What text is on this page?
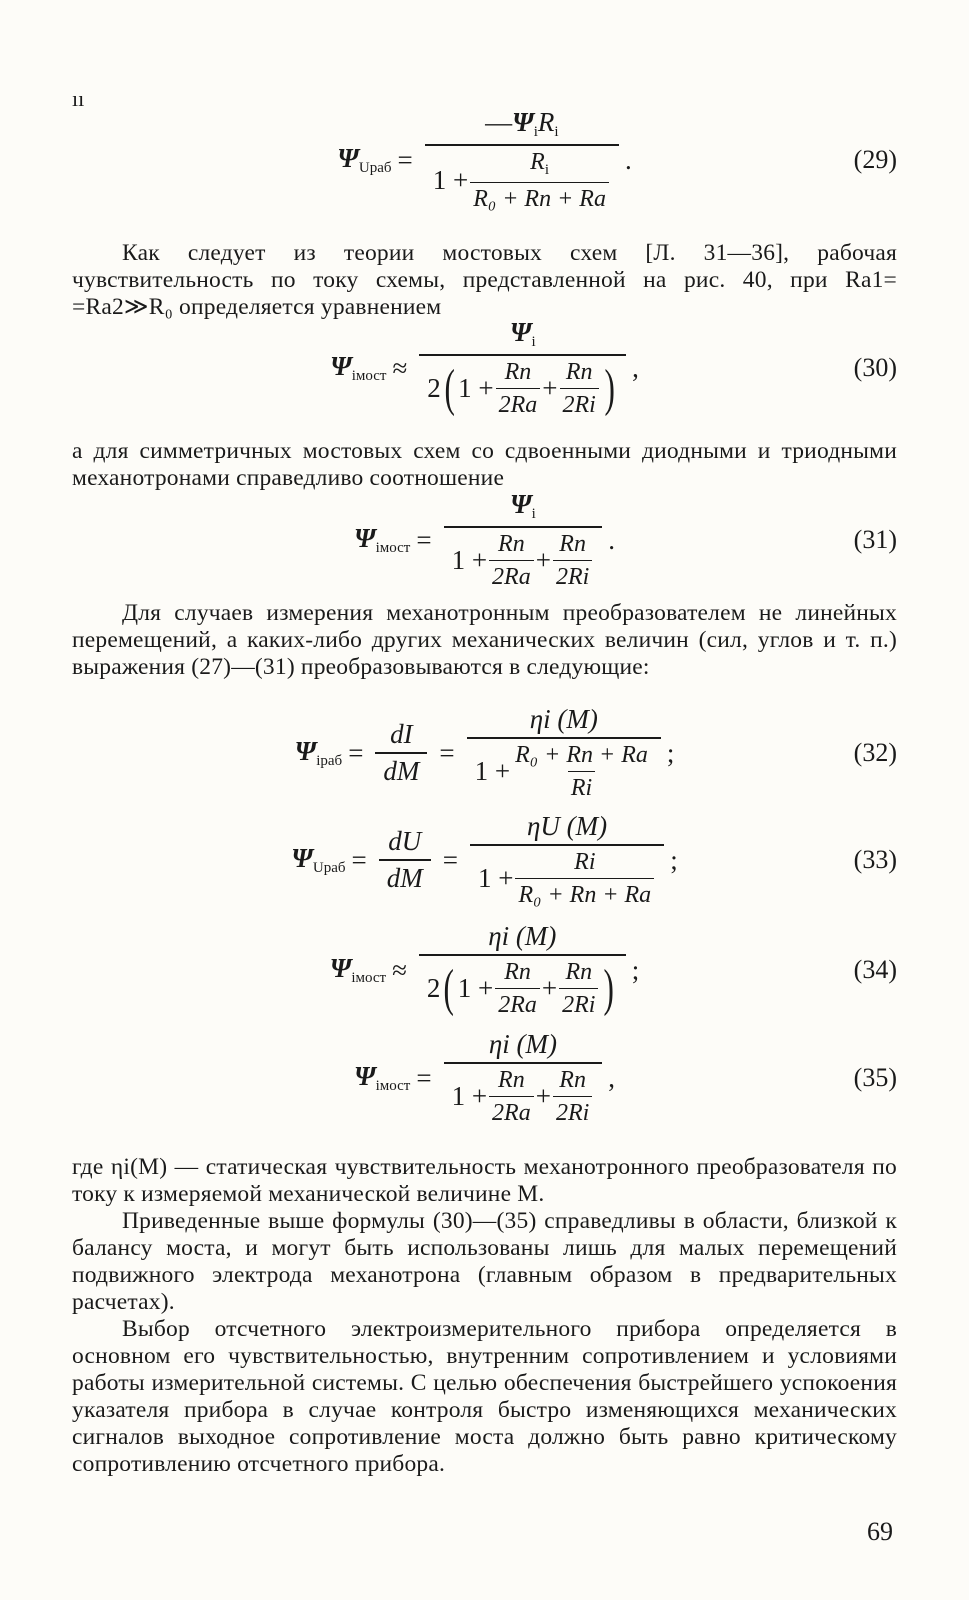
ıı
$\Psi_{Uраб} = \frac{—\Psi_iR_i}{1 + \frac{R_i}{\text{R₀ + Rп + Rа}}}$ .	(29)
Как следует из теории мостовых схем [Л. 31—36], рабочая чувствительность по току схемы, представленной на рис. 40, при Rа1= =Rа2≫R₀ определяется уравнением
$\Psi_{iмост} \approx \frac{\Psi_i}{2 ( 1 + \frac{Rп}{2Rа} + \frac{Rп}{2Ri} )}$ ,	(30)
а для симметричных мостовых схем со сдвоенными диодными и триодными механотронами справедливо соотношение
$\Psi_{iмост} = \frac{\Psi_i}{1 + \frac{Rп}{2Rа} + \frac{Rп}{2Ri}}$ .	(31)
Для случаев измерения механотронным преобразователем не линейных перемещений, а каких-либо других механических величин (сил, углов и т. п.) выражения (27)—(31) преобразовываются в следующие:
$\Psi_{iраб} = \frac{dI}{dM} = \frac{\eta i (M)}{1 + \frac{\text{R₀ + Rп + Rа}}{Ri}}$ ;	(32)
$\Psi_{Uраб} = \frac{dU}{dM} = \frac{\eta U (M)}{1 + \frac{Ri}{\text{R₀ + Rп + Rа}}}$ ;	(33)
$\Psi_{iмост} \approx \frac{\eta i (M)}{2 ( 1 + \frac{Rп}{2Rа} + \frac{Rп}{2Ri} )}$ ;	(34)
$\Psi_{iмост} = \frac{\eta i (M)}{1 + \frac{Rп}{2Rа} + \frac{Rп}{2Ri}}$ ,	(35)
где ηi(M) — статическая чувствительность механотронного преобразователя по току к измеряемой механической величине M.
Приведенные выше формулы (30)—(35) справедливы в области, близкой к балансу моста, и могут быть использованы лишь для малых перемещений подвижного электрода механотрона (главным образом в предварительных расчетах).
Выбор отсчетного электроизмерительного прибора определяется в основном его чувствительностью, внутренним сопротивлением и условиями работы измерительной системы. С целью обеспечения быстрейшего успокоения указателя прибора в случае контроля быстро изменяющихся механических сигналов выходное сопротивление моста должно быть равно критическому сопротивлению отсчетного прибора.
69
